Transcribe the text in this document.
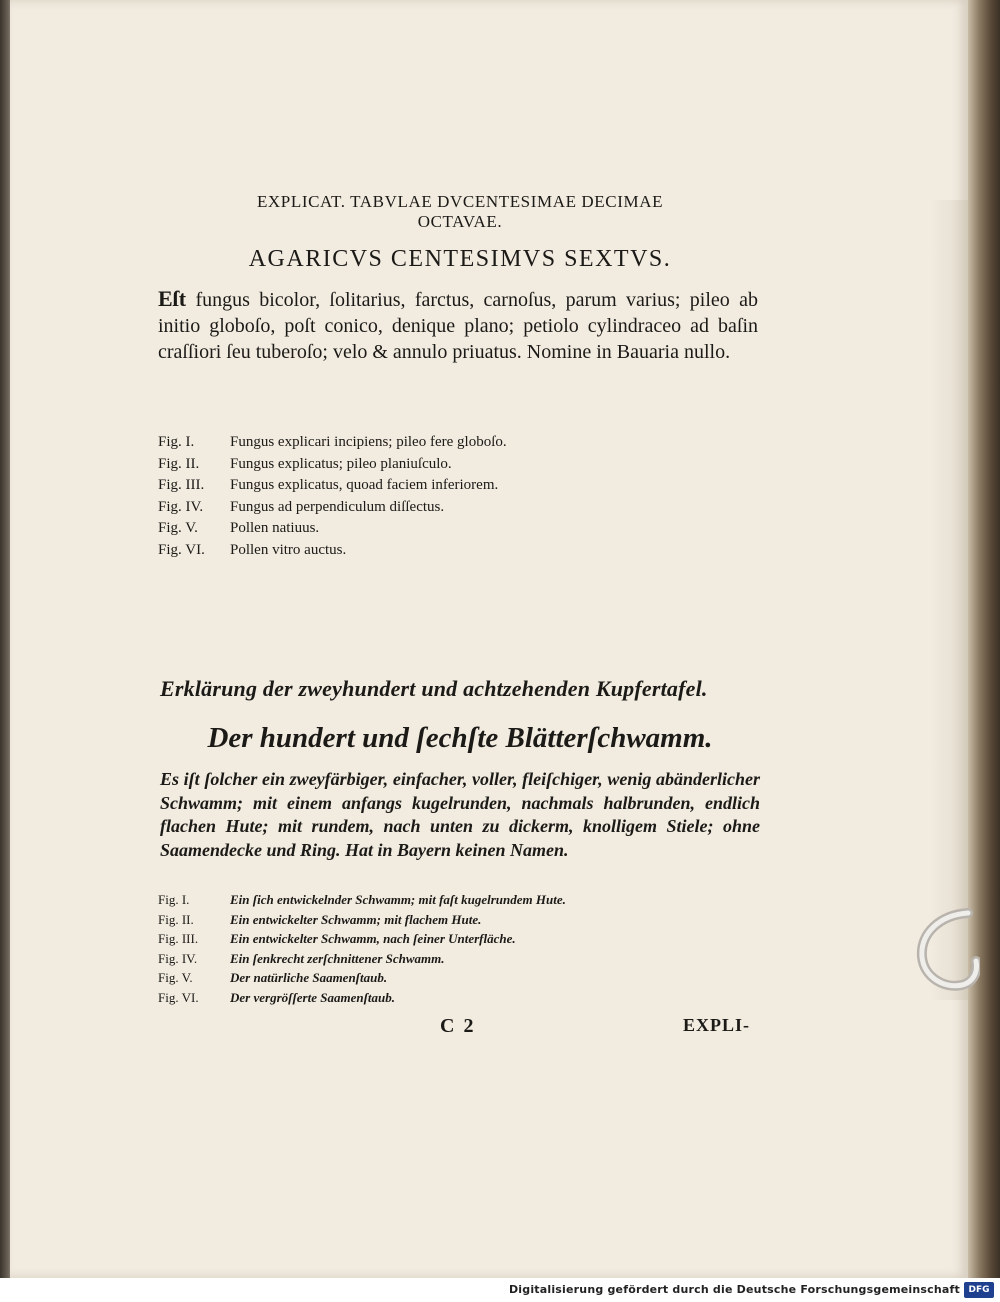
EXPLICAT. TABVLAE DVCENTESIMAE DECIMAE
OCTAVAE.
AGARICVS CENTESIMVS SEXTVS.
Eſt fungus bicolor, ſolitarius, farctus, carnoſus, parum varius; pileo ab initio globoſo, poſt conico, denique plano; petiolo cylindraceo ad baſin craſſiori ſeu tuberoſo; velo & annulo priuatus. Nomine in Bauaria nullo.
Fig. I. Fungus explicari incipiens; pileo fere globoſo.
Fig. II. Fungus explicatus; pileo planiuſculo.
Fig. III. Fungus explicatus, quoad faciem inferiorem.
Fig. IV. Fungus ad perpendiculum diſſectus.
Fig. V. Pollen natiuus.
Fig. VI. Pollen vitro auctus.
Erklärung der zweyhundert und achtzehenden Kupfertafel.
Der hundert und ſechſte Blätterſchwamm.
Es iſt ſolcher ein zweyfärbiger, einfacher, voller, fleiſchiger, wenig abänderlicher Schwamm; mit einem anfangs kugelrunden, nachmals halbrunden, endlich flachen Hute; mit rundem, nach unten zu dickerm, knolligem Stiele; ohne Saamendecke und Ring. Hat in Bayern keinen Namen.
Fig. I.	Ein ſich entwickelnder Schwamm; mit faſt kugelrundem Hute.
Fig. II.	Ein entwickelter Schwamm; mit flachem Hute.
Fig. III. Ein entwickelter Schwamm, nach ſeiner Unterfläche.
Fig. IV.	Ein ſenkrecht zerſchnittener Schwamm.
Fig. V.	Der natürliche Saamenſtaub.
Fig. VI. Der vergröſſerte Saamenſtaub.
C 2	EXPLI-
Digitalisierung gefördert durch die Deutsche Forschungsgemeinschaft DFG
